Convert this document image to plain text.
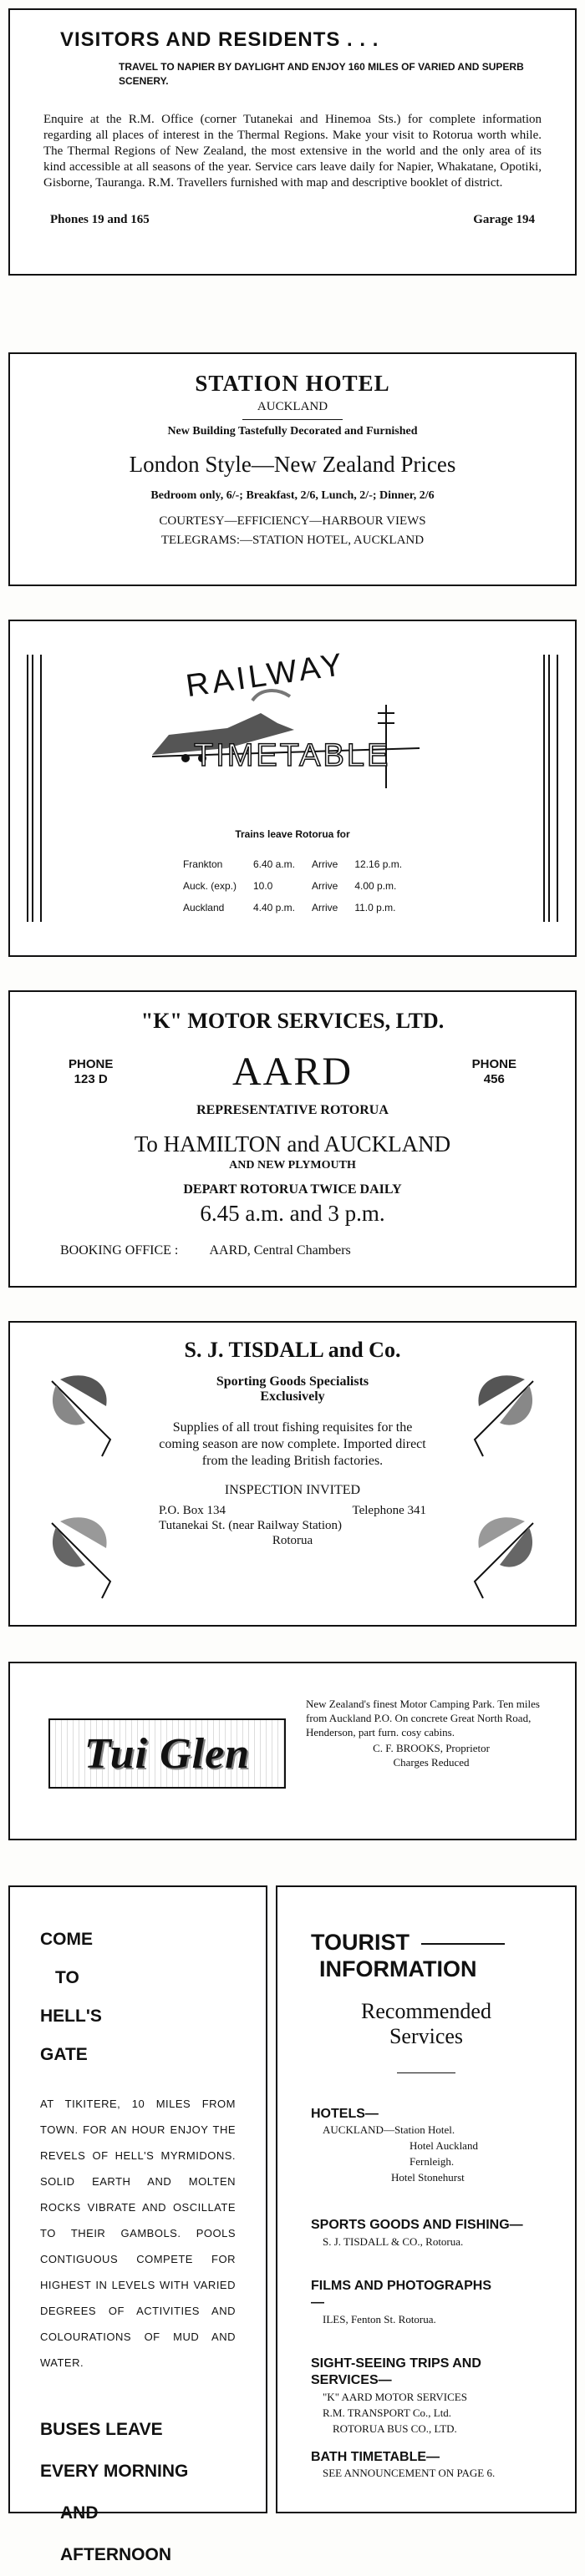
VISITORS AND RESIDENTS . . .
TRAVEL TO NAPIER BY DAYLIGHT AND ENJOY 160 MILES OF VARIED AND SUPERB SCENERY.
Enquire at the R.M. Office (corner Tutanekai and Hinemoa Sts.) for complete information regarding all places of interest in the Thermal Regions. Make your visit to Rotorua worth while. The Thermal Regions of New Zealand, the most extensive in the world and the only area of its kind accessible at all seasons of the year. Service cars leave daily for Napier, Whakatane, Opotiki, Gisborne, Tauranga. R.M. Travellers furnished with map and descriptive booklet of district.
Phones 19 and 165	Garage 194
STATION HOTEL
AUCKLAND
New Building Tastefully Decorated and Furnished
London Style—New Zealand Prices
Bedroom only, 6/-; Breakfast, 2/6, Lunch, 2/-; Dinner, 2/6
COURTESY—EFFICIENCY—HARBOUR VIEWS
TELEGRAMS:—STATION HOTEL, AUCKLAND
RAILWAY
TIMETABLE
Trains leave Rotorua for
Frankton	6.40 a.m.	Arrive	12.16 p.m.
Auck. (exp.)	10.0	Arrive	4.00 p.m.
Auckland	4.40 p.m.	Arrive	11.0 p.m.
"K" MOTOR SERVICES, LTD.
PHONE
123 D	AARD	PHONE
456
REPRESENTATIVE ROTORUA
To HAMILTON and AUCKLAND
AND NEW PLYMOUTH
DEPART ROTORUA TWICE DAILY
6.45 a.m. and 3 p.m.
BOOKING OFFICE : AARD, Central Chambers
S. J. TISDALL and Co.
Sporting Goods Specialists
Exclusively
Supplies of all trout fishing requisites for the coming season are now complete. Imported direct from the leading British factories.
INSPECTION INVITED
P.O. Box 134	Telephone 341
Tutanekai St. (near Railway Station)
Rotorua
Tui Glen
New Zealand's finest Motor Camping Park. Ten miles from Auckland P.O. On concrete Great North Road, Henderson, part furn. cosy cabins.
C. F. BROOKS, Proprietor
Charges Reduced
COME
TO
HELL'S
GATE
AT TIKITERE, 10 MILES FROM TOWN. FOR AN HOUR ENJOY THE REVELS OF HELL'S MYRMIDONS. SOLID EARTH AND MOLTEN ROCKS VIBRATE AND OSCILLATE TO THEIR GAMBOLS. POOLS CONTIGUOUS COMPETE FOR HIGHEST IN LEVELS WITH VARIED DEGREES OF ACTIVITIES AND COLOURATIONS OF MUD AND WATER.
BUSES LEAVE
EVERY MORNING
AND
AFTERNOON
TOURIST
INFORMATION
Recommended
Services
HOTELS—
AUCKLAND—Station Hotel.
Hotel Auckland
Fernleigh.
Hotel Stonehurst
SPORTS GOODS AND FISHING—
S. J. TISDALL & CO., Rotorua.
FILMS AND PHOTOGRAPHS—
ILES, Fenton St. Rotorua.
SIGHT-SEEING TRIPS AND SERVICES—
"K" AARD MOTOR SERVICES
R.M. TRANSPORT Co., Ltd.
ROTORUA BUS CO., LTD.
BATH TIMETABLE—
SEE ANNOUNCEMENT ON PAGE 6.
